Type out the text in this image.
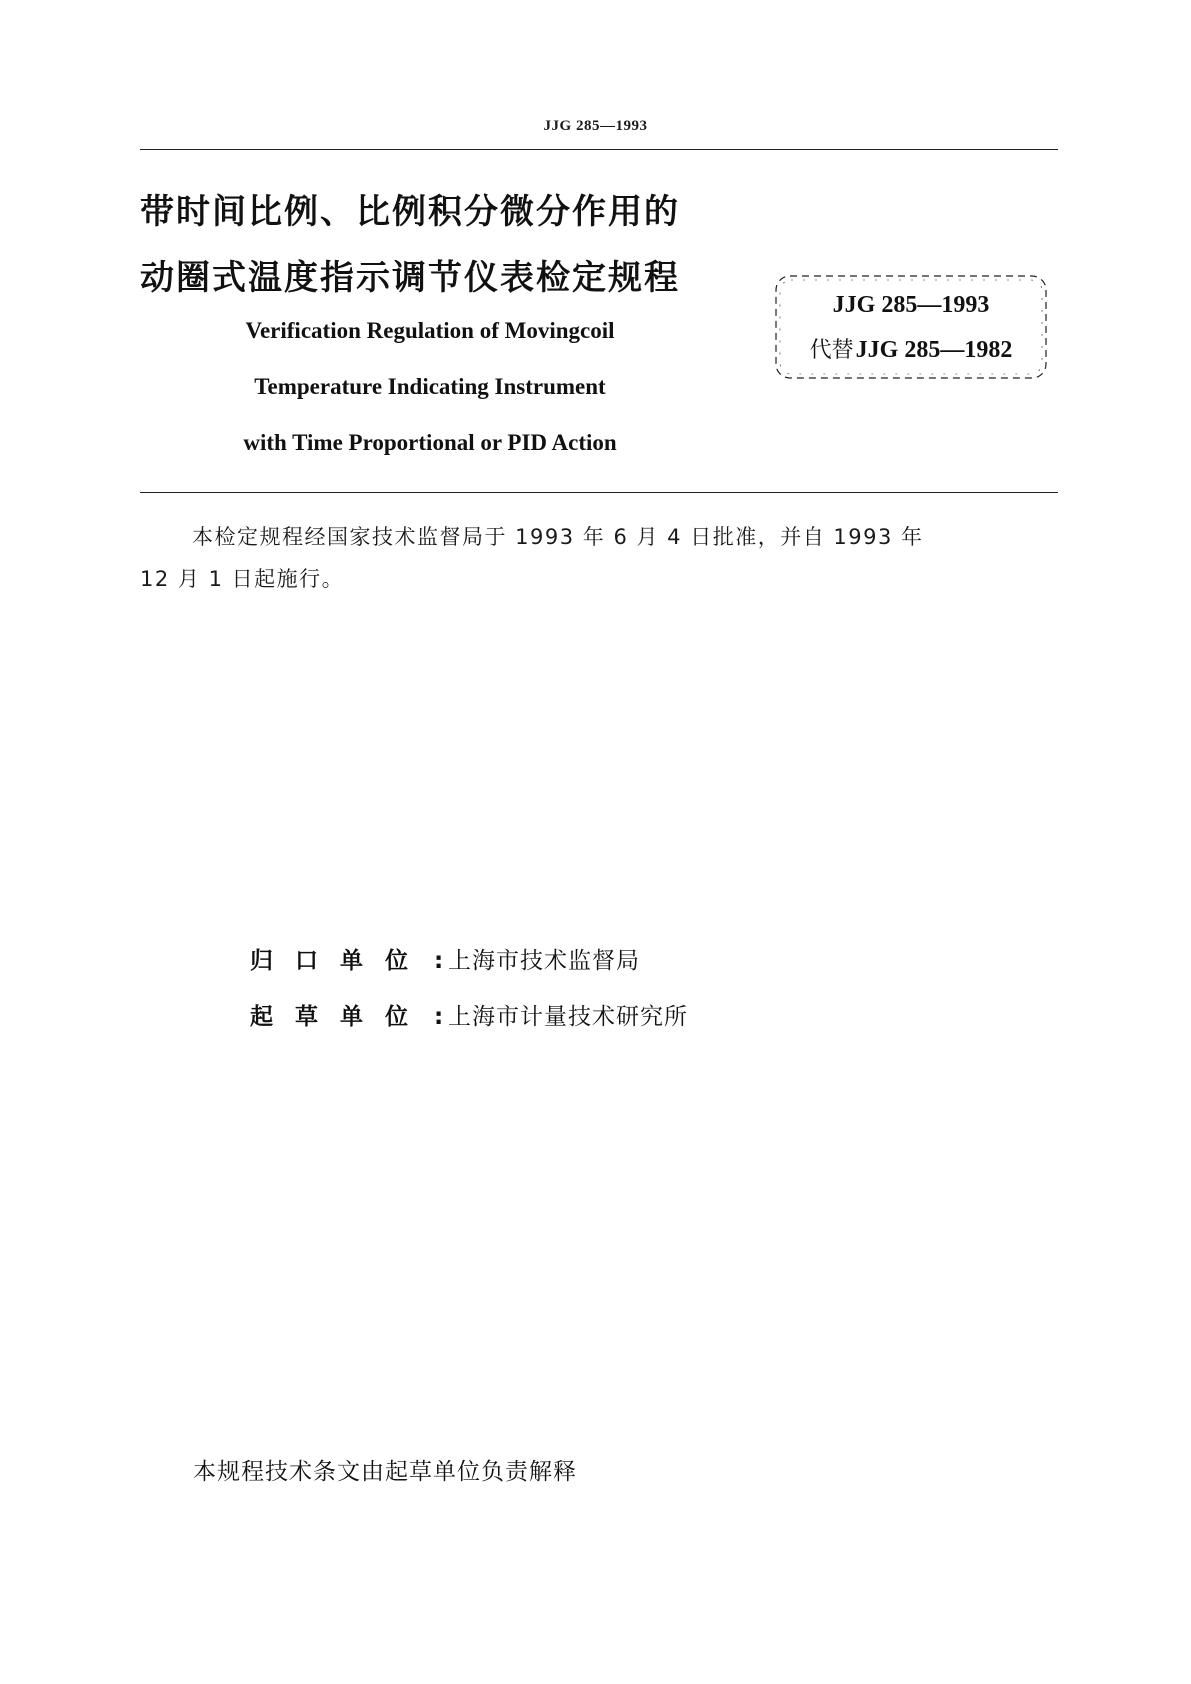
JJG 285—1993
带时间比例、比例积分微分作用的
动圈式温度指示调节仪表检定规程
Verification Regulation of Movingcoil
Temperature Indicating Instrument
with Time Proportional or PID Action
JJG 285—1993
代替 JJG 285—1982
本检定规程经国家技术监督局于 1993 年 6 月 4 日批准，并自 1993 年
12 月 1 日起施行。
归口单位 : 上海市技术监督局
起草单位 : 上海市计量技术研究所
本规程技术条文由起草单位负责解释
